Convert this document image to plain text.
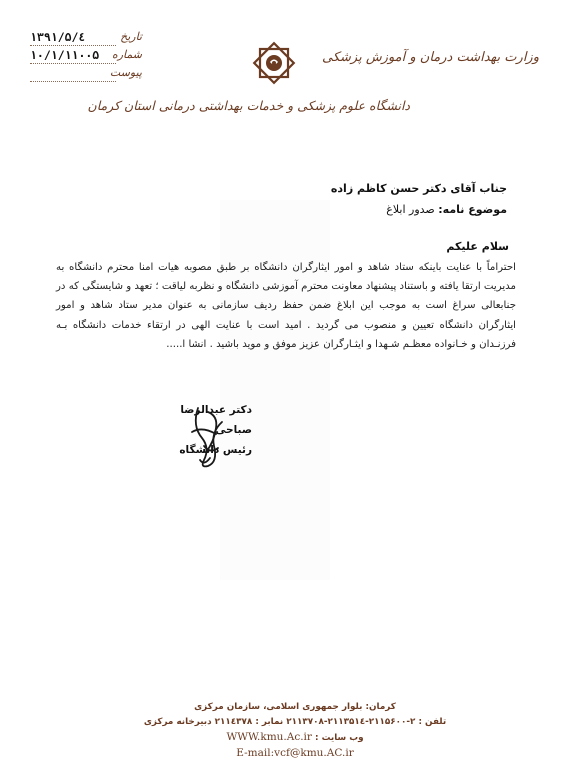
۱۳۹۱/۵/٤	تاریخ
۱۰/۱/۱۱۰۰۵ شماره
پیوست
وزارت بهداشت درمان و آموزش پزشکی
دانشگاه علوم پزشکی و خدمات بهداشتی درمانی استان کرمان
جناب آقای دکتر حسن کاظم زاده
موضوع نامه: صدور ابلاغ
سلام علیکم
احتراماً با عنایت باینکه ستاد شاهد و امور ایثارگران دانشگاه بر طبق مصوبه هیات امنا محترم دانشگاه به مدیریت ارتقا یافته و باستناد پیشنهاد معاونت محترم آموزشی دانشگاه و نظربه لیاقت ؛ تعهد و شایستگی که در جنابعالی سراغ است به موجب این ابلاغ ضمن حفظ ردیف سازمانی به عنوان مدیر ستاد شاهد و امور ایثارگران دانشگاه تعیین و منصوب می گردید . امید است با عنایت الهی در ارتقاء خدمات دانشگاه بـه فرزنـدان و خـانواده معظـم شـهدا و ایثـارگران عزیز موفق و موید باشید . انشا ا.....
دکتر عبدالرضا صباحی
رئیس دانشگاه
کرمان: بلوار جمهوری اسلامی، سازمان مرکزی
تلفن : ۲-۲۱۱۵۶۰۰-۲۱۱۳۵۱٤-۲۱۱۳۷۰۸ نمابر : ۲۱۱٤۳۷۸ دبیرخانه مرکزی
وب سایت : WWW.kmu.Ac.ir
E-mail:vcf@kmu.AC.ir
